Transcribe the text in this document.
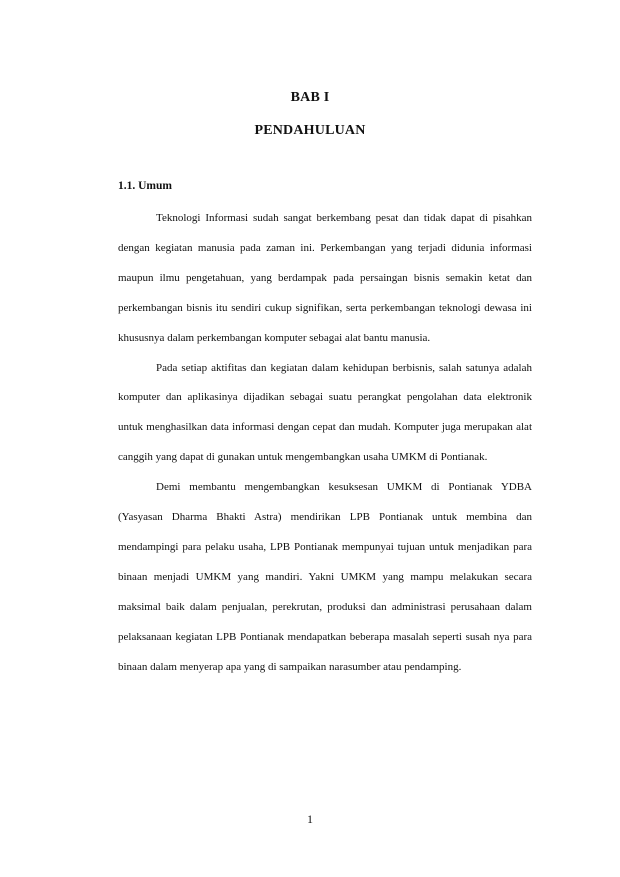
BAB I
PENDAHULUAN
1.1. Umum

Teknologi Informasi sudah sangat berkembang pesat dan tidak dapat di pisahkan dengan kegiatan manusia pada zaman ini. Perkembangan yang terjadi didunia informasi maupun ilmu pengetahuan, yang berdampak pada persaingan bisnis semakin ketat dan perkembangan bisnis itu sendiri cukup signifikan, serta perkembangan teknologi dewasa ini khususnya dalam perkembangan komputer sebagai alat bantu manusia.

Pada setiap aktifitas dan kegiatan dalam kehidupan berbisnis, salah satunya adalah komputer dan aplikasinya dijadikan sebagai suatu perangkat pengolahan data elektronik untuk menghasilkan data informasi dengan cepat dan mudah. Komputer juga merupakan alat canggih yang dapat di gunakan untuk mengembangkan usaha UMKM di Pontianak.

Demi membantu mengembangkan kesuksesan UMKM di Pontianak YDBA (Yasyasan Dharma Bhakti Astra) mendirikan LPB Pontianak untuk membina dan mendampingi para pelaku usaha, LPB Pontianak mempunyai tujuan untuk menjadikan para binaan menjadi UMKM yang mandiri. Yakni UMKM yang mampu melakukan secara maksimal baik dalam penjualan, perekrutan, produksi dan administrasi perusahaan dalam pelaksanaan kegiatan LPB Pontianak mendapatkan beberapa masalah seperti susah nya para binaan dalam menyerap apa yang di sampaikan narasumber atau pendamping.

1
